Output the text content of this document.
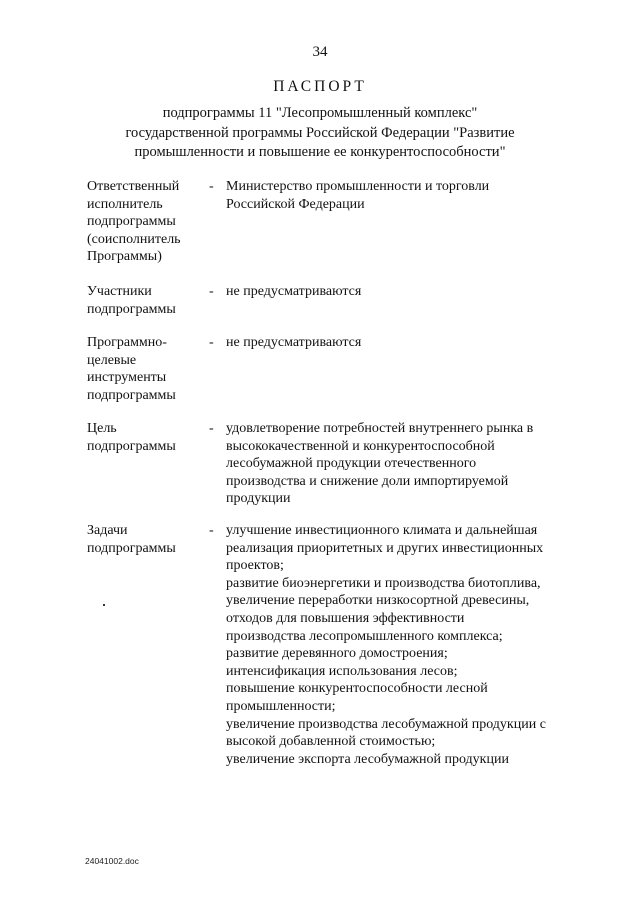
34
ПАСПОРТ
подпрограммы 11 "Лесопромышленный комплекс"
государственной программы Российской Федерации "Развитие
промышленности и повышение ее конкурентоспособности"
Ответственный
исполнитель
подпрограммы
(соисполнитель
Программы)
- Министерство промышленности и торговли
Российской Федерации
Участники
подпрограммы
- не предусматриваются
Программно-
целевые
инструменты
подпрограммы
- не предусматриваются
Цель
подпрограммы
- удовлетворение потребностей внутреннего рынка в
высококачественной и конкурентоспособной
лесобумажной продукции отечественного
производства и снижение доли импортируемой
продукции
Задачи
подпрограммы
- улучшение инвестиционного климата и дальнейшая
реализация приоритетных и других инвестиционных
проектов;
развитие биоэнергетики и производства биотоплива,
увеличение переработки низкосортной древесины,
отходов для повышения эффективности
производства лесопромышленного комплекса;
развитие деревянного домостроения;
интенсификация использования лесов;
повышение конкурентоспособности лесной
промышленности;
увеличение производства лесобумажной продукции с
высокой добавленной стоимостью;
увеличение экспорта лесобумажной продукции
24041002.doc
